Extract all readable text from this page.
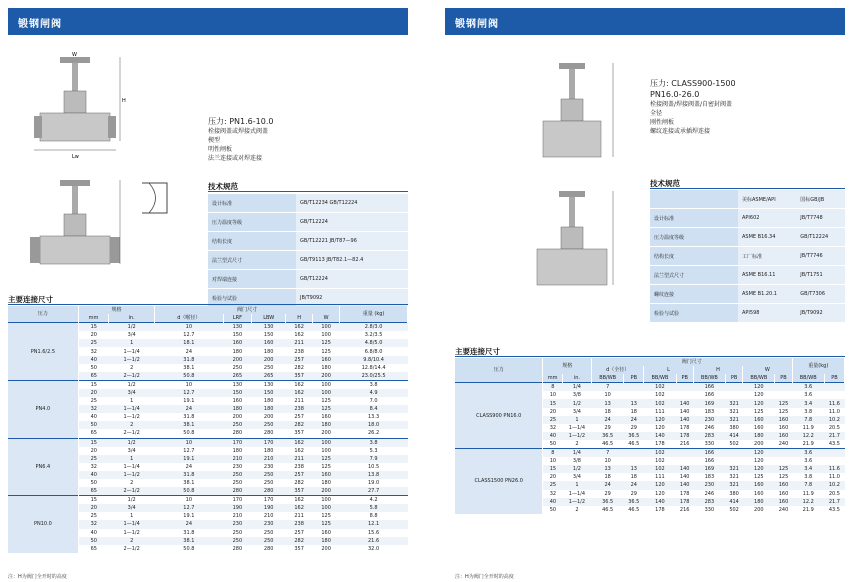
锻钢闸阀
W
Lw
H
压力: PN1.6-10.0
栓接阀盖或焊接式阀盖
楔型
明性闸板
法兰连接或对焊连接
技术规范
设计标准	GB/T12234 GB/T12224
压力温度等级	GB/T12224
结构长度	GB/T12221 JB/T87—96
法兰型式尺寸	GB/T9113 JB/T82.1—82.4
对焊端连接	GB/T12224
检验与试验	JB/T9092
主要连接尺寸
压力	规格		阀门尺寸					重量 (kg)
	mm	in.	d（喉径）	LRF	LBW	H	W	
PN1.6/2.5	15	1/2	10	130	130	162	100	2.8/3.0
	20	3/4	12.7	150	150	162	100	3.2/3.5
	25	1	18.1	160	160	211	125	4.8/5.0
	32	1—1/4	24	180	180	238	125	6.8/8.0
	40	1—1/2	31.8	200	200	257	160	9.8/10.4
	50	2	38.1	250	250	282	180	12.8/14.4
	65	2—1/2	50.8	265	265	357	200	23.0/25.5
PN4.0	15	1/2	10	130	130	162	100	3.8
	20	3/4	12.7	150	150	162	100	4.9
	25	1	19.1	160	180	211	125	7.0
	32	1—1/4	24	180	180	238	125	8.4
	40	1—1/2	31.8	200	200	257	160	13.3
	50	2	38.1	250	250	282	180	18.0
	65	2—1/2	50.8	280	280	357	200	26.2
PN6.4	15	1/2	10	170	170	162	100	3.8
	20	3/4	12.7	180	180	162	100	5.3
	25	1	19.1	210	210	211	125	7.9
	32	1—1/4	24	230	230	238	125	10.5
	40	1—1/2	31.8	250	250	257	160	13.8
	50	2	38.1	250	250	282	180	19.0
	65	2—1/2	50.8	280	280	357	200	27.7
PN10.0	15	1/2	10	170	170	162	100	4.2
	20	3/4	12.7	190	190	162	100	5.8
	25	1	19.1	210	210	211	125	8.8
	32	1—1/4	24	230	230	238	125	12.1
	40	1—1/2	31.8	250	250	257	160	15.6
	50	2	38.1	250	250	282	180	21.6
	65	2—1/2	50.8	280	280	357	200	32.0
注：H为阀门全开时的高度
锻钢闸阀
压力: CLASS900-1500
PN16.0-26.0
栓接阀盖/焊接阀盖/自密封阀盖
全径
刚性闸板
螺纹连接或承插焊连接
技术规范
	美标ASME/API	国标GB/JB
设计标准	API602	JB/T7748
压力温度等级	ASME B16.34	GB/T12224
结构长度	工厂标准	JB/T7746
法兰型式尺寸	ASME B16.11	JB/T1751
螺纹连接	ASME B1.20.1	GB/T7306
检验与试验	API598	JB/T9092
主要连接尺寸
压力	规格		阀门尺寸								重量(kg)	
			d（全径）		L		H		W			
	mm	in.	BB/WB	PB	BB/WB	PB	BB/WB	PB	BB/WB	PB	BB/WB	PB
CLASS900 PN16.0	8	1/4	7		102		166		120		3.6	
	10	3/8	10		102		166		120		3.6	
	15	1/2	13	13	102	140	169	321	120	125	3.4	11.6
	20	3/4	18	18	111	140	183	321	125	125	3.8	11.0
	25	1	24	24	120	140	230	321	160	160	7.8	10.2
	32	1—1/4	29	29	120	178	246	380	160	160	11.9	20.5
	40	1—1/2	36.5	36.5	140	178	283	414	180	160	12.2	21.7
	50	2	46.5	46.5	178	216	330	502	200	240	21.9	43.5
CLASS1500 PN26.0	8	1/4	7		102		166		120		3.6	
	10	3/8	10		102		166		120		3.6	
	15	1/2	13	13	102	140	169	321	120	125	3.4	11.6
	20	3/4	18	18	111	140	183	321	125	125	3.8	11.0
	25	1	24	24	120	140	230	321	160	160	7.8	10.2
	32	1—1/4	29	29	120	178	246	380	160	160	11.9	20.5
	40	1—1/2	36.5	36.5	140	178	283	414	180	160	12.2	21.7
	50	2	46.5	46.5	178	216	330	502	200	240	21.9	43.5
注：H为阀门全开时的高度
